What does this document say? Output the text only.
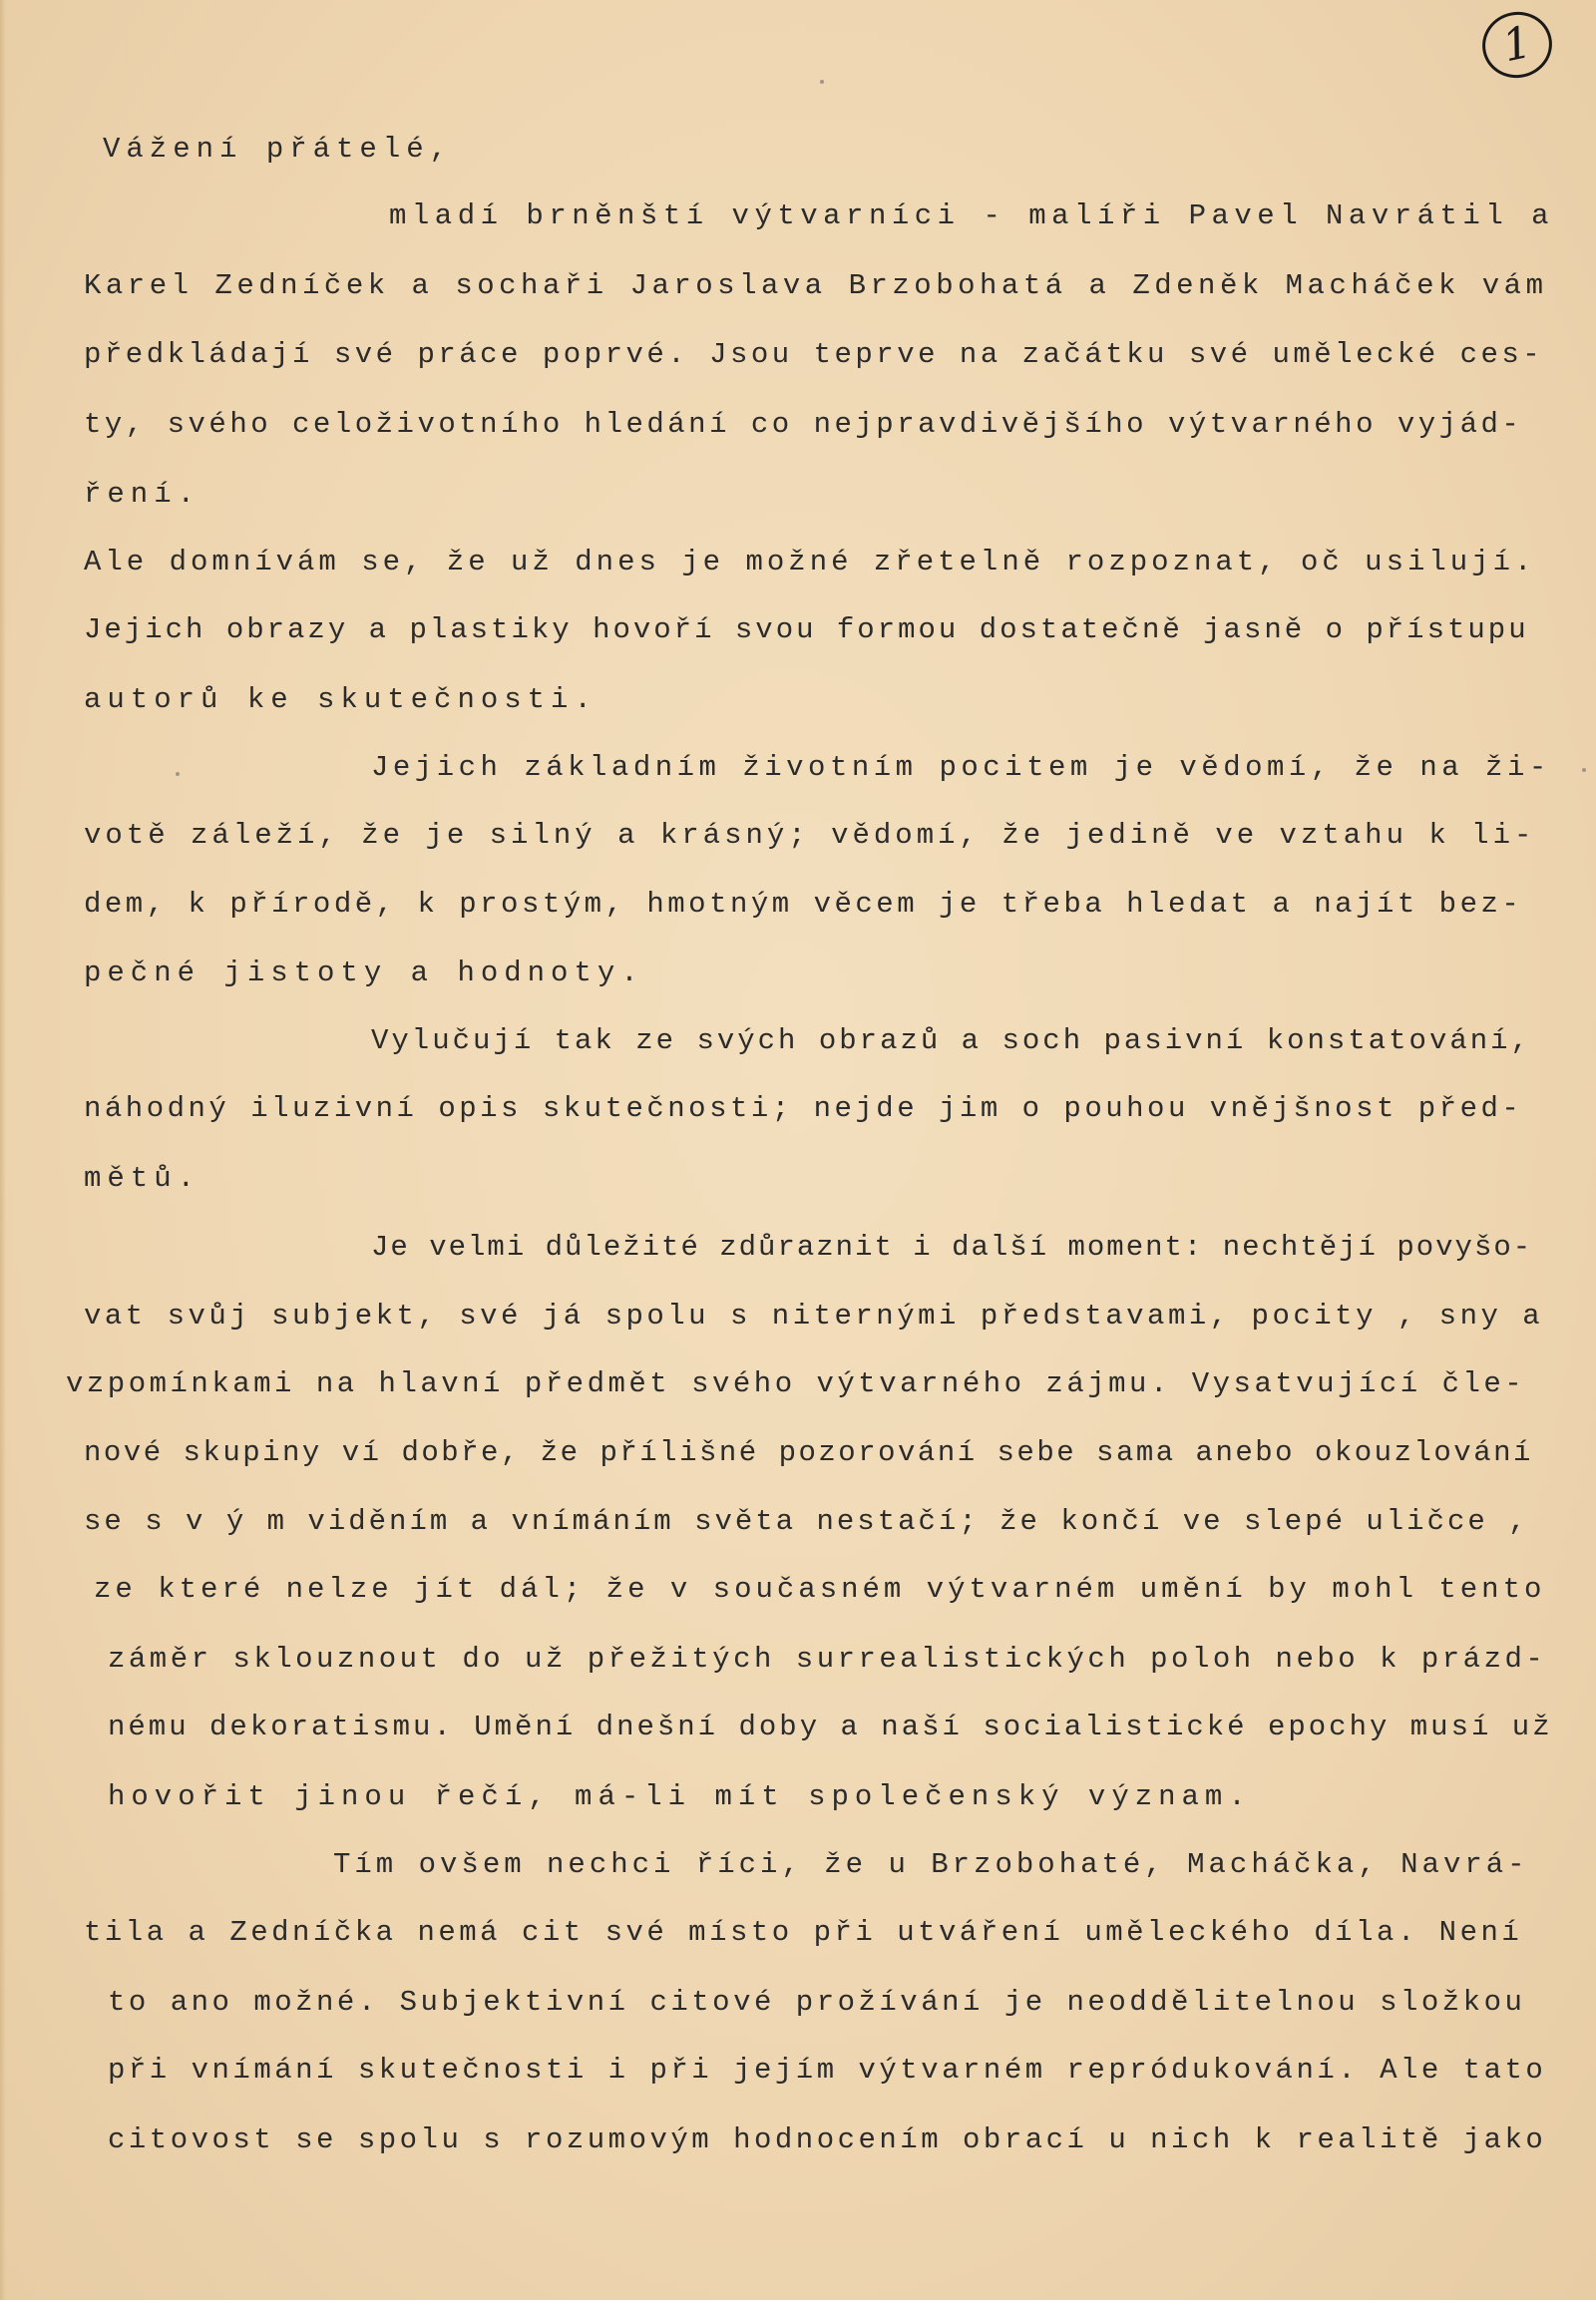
1
Vážení přátelé,
mladí brněnští výtvarníci - malíři Pavel Navrátil a
Karel Zedníček a sochaři Jaroslava Brzobohatá a Zdeněk Macháček vám
předkládají své práce poprvé. Jsou teprve na začátku své umělecké ces-
ty, svého celoživotního hledání co nejpravdivějšího výtvarného vyjád-
ření.
Ale domnívám se, že už dnes je možné zřetelně rozpoznat, oč usilují.
Jejich obrazy a plastiky hovoří svou formou dostatečně jasně o přístupu
autorů ke skutečnosti.
Jejich základním životním pocitem je vědomí, že na ži-
votě záleží, že je silný a krásný; vědomí, že jedině ve vztahu k li-
dem, k přírodě, k prostým, hmotným věcem je třeba hledat a najít bez-
pečné jistoty a hodnoty.
Vylučují tak ze svých obrazů a soch pasivní konstatování,
náhodný iluzivní opis skutečnosti; nejde jim o pouhou vnějšnost před-
mětů.
Je velmi důležité zdůraznit i další moment: nechtějí povyšo-
vat svůj subjekt, své já spolu s niternými představami, pocity , sny a
vzpomínkami na hlavní předmět svého výtvarného zájmu. Vysatvující čle-
nové skupiny ví dobře, že přílišné pozorování sebe sama anebo okouzlování
se s v ý m viděním a vnímáním světa nestačí; že končí ve slepé uličce ,
ze které nelze jít dál; že v současném výtvarném umění by mohl tento
záměr sklouznout do už přežitých surrealistických poloh nebo k prázd-
nému dekoratismu. Umění dnešní doby a naší socialistické epochy musí už
hovořit jinou řečí, má-li mít společenský význam.
Tím ovšem nechci říci, že u Brzobohaté, Macháčka, Navrá-
tila a Zedníčka nemá cit své místo při utváření uměleckého díla. Není
to ano možné. Subjektivní citové prožívání je neoddělitelnou složkou
při vnímání skutečnosti i při jejím výtvarném repródukování. Ale tato
citovost se spolu s rozumovým hodnocením obrací u nich k realitě jako
